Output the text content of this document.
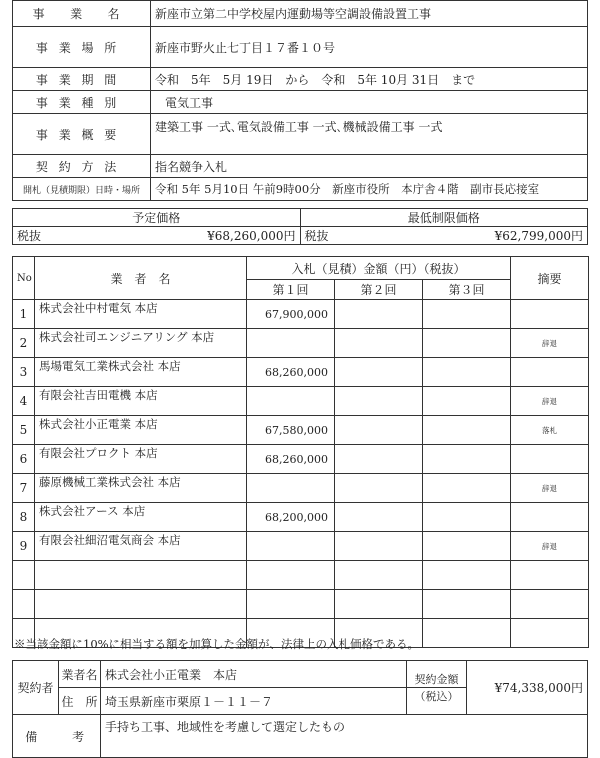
事 業 名	新座市立第二中学校屋内運動場等空調設備設置工事
事業場所	新座市野火止七丁目１７番１０号
事業期間	令和　5年　5月 19日　から　令和　5年 10月 31日　まで
事業種別	電気工事
事業概要	建築工事 一式､電気設備工事 一式､機械設備工事 一式
契約方法	指名競争入札
開札（見積期限）日時・場所	令和 5年 5月10日 午前9時00分　新座市役所　本庁舎４階　副市長応接室
予定価格	最低制限価格
税抜 ¥68,260,000円	税抜 ¥62,799,000円
No	業　者　名	入札（見積）金額（円）（税抜）			摘要
		第１回	第２回	第３回	
1	株式会社中村電気 本店	67,900,000			
2	株式会社司エンジニアリング 本店				辞退
3	馬場電気工業株式会社 本店	68,260,000			
4	有限会社吉田電機 本店				辞退
5	株式会社小正電業 本店	67,580,000			落札
6	有限会社プロクト 本店	68,260,000			
7	藤原機械工業株式会社 本店				辞退
8	株式会社アース 本店	68,200,000			
9	有限会社細沼電気商会 本店				辞退

※当該金額に10%に相当する額を加算した金額が、法律上の入札価格である。
契約者	業者名	株式会社小正電業　本店	契約金額	¥74,338,000円
	住　所	埼玉県新座市栗原１－１１－７	（税込）	
備　　考		手持ち工事、地域性を考慮して選定したもの		
